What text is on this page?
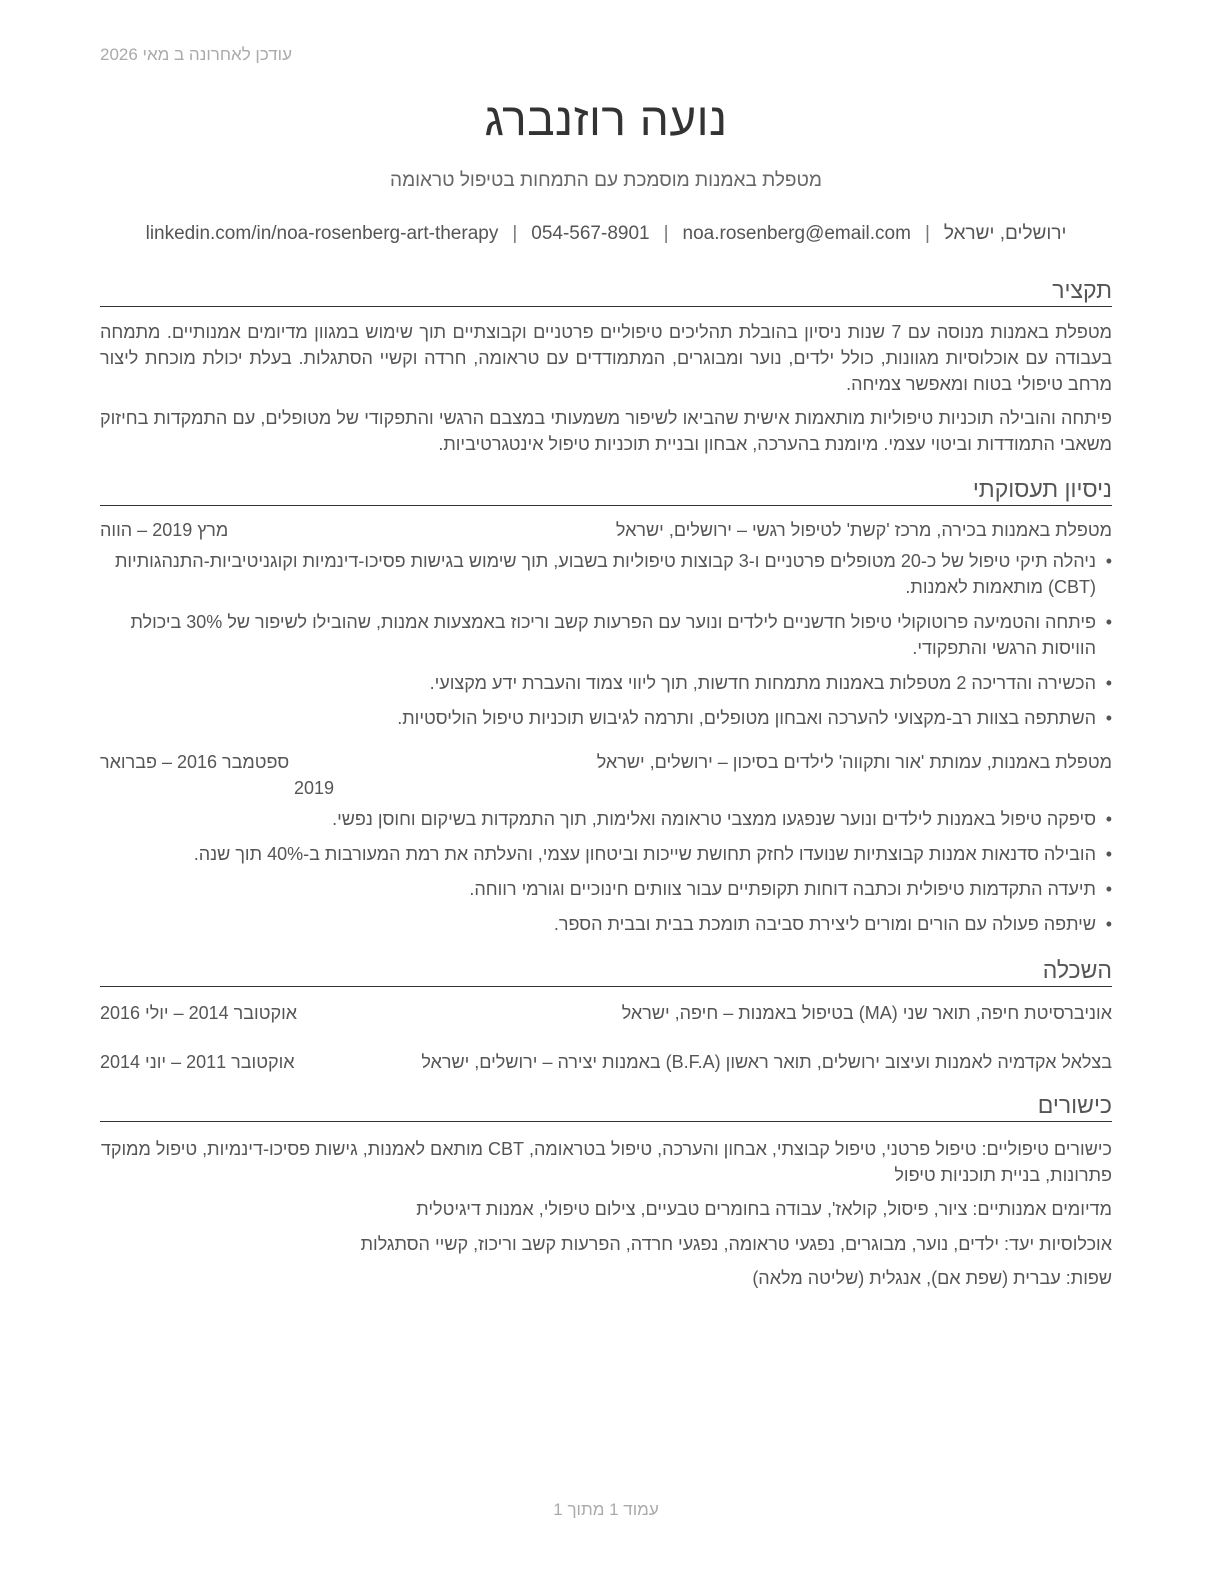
עודכן לאחרונה ב מאי 2026
נועה רוזנברג
מטפלת באמנות מוסמכת עם התמחות בטיפול טראומה
ירושלים, ישראל
|
noa.rosenberg@email.com
|
054-567-8901
|
linkedin.com/in/noa-rosenberg-art-therapy
תקציר

מטפלת באמנות מנוסה עם 7 שנות ניסיון בהובלת תהליכים טיפוליים פרטניים וקבוצתיים תוך שימוש במגוון מדיומים אמנותיים. מתמחה בעבודה עם אוכלוסיות מגוונות, כולל ילדים, נוער ומבוגרים, המתמודדים עם טראומה, חרדה וקשיי הסתגלות. בעלת יכולת מוכחת ליצור מרחב טיפולי בטוח ומאפשר צמיחה.

פיתחה והובילה תוכניות טיפוליות מותאמות אישית שהביאו לשיפור משמעותי במצבם הרגשי והתפקודי של מטופלים, עם התמקדות בחיזוק משאבי התמודדות וביטוי עצמי. מיומנת בהערכה, אבחון ובניית תוכניות טיפול אינטגרטיביות.

ניסיון תעסוקתי
מטפלת באמנות בכירה, מרכז 'קשת' לטיפול רגשי – ירושלים, ישראל
מרץ 2019 – הווה
• ניהלה תיקי טיפול של כ-20 מטופלים פרטניים ו-3 קבוצות טיפוליות בשבוע, תוך שימוש בגישות פסיכו-דינמיות וקוגניטיביות-התנהגותיות (CBT) מותאמות לאמנות.
• פיתחה והטמיעה פרוטוקולי טיפול חדשניים לילדים ונוער עם הפרעות קשב וריכוז באמצעות אמנות, שהובילו לשיפור של 30% ביכולת הוויסות הרגשי והתפקודי.
• הכשירה והדריכה 2 מטפלות באמנות מתמחות חדשות, תוך ליווי צמוד והעברת ידע מקצועי.
• השתתפה בצוות רב-מקצועי להערכה ואבחון מטופלים, ותרמה לגיבוש תוכניות טיפול הוליסטיות.
מטפלת באמנות, עמותת 'אור ותקווה' לילדים בסיכון – ירושלים, ישראל
ספטמבר 2016 – פברואר 2019
• סיפקה טיפול באמנות לילדים ונוער שנפגעו ממצבי טראומה ואלימות, תוך התמקדות בשיקום וחוסן נפשי.
• הובילה סדנאות אמנות קבוצתיות שנועדו לחזק תחושת שייכות וביטחון עצמי, והעלתה את רמת המעורבות ב-40% תוך שנה.
• תיעדה התקדמות טיפולית וכתבה דוחות תקופתיים עבור צוותים חינוכיים וגורמי רווחה.
• שיתפה פעולה עם הורים ומורים ליצירת סביבה תומכת בבית ובבית הספר.
השכלה
אוניברסיטת חיפה, תואר שני (MA) בטיפול באמנות – חיפה, ישראל
אוקטובר 2014 – יולי 2016
בצלאל אקדמיה לאמנות ועיצוב ירושלים, תואר ראשון (B.F.A) באמנות יצירה – ירושלים, ישראל
אוקטובר 2011 – יוני 2014
כישורים

כישורים טיפוליים: טיפול פרטני, טיפול קבוצתי, אבחון והערכה, טיפול בטראומה, CBT מותאם לאמנות, גישות פסיכו-דינמיות, טיפול ממוקד פתרונות, בניית תוכניות טיפול

מדיומים אמנותיים: ציור, פיסול, קולאז', עבודה בחומרים טבעיים, צילום טיפולי, אמנות דיגיטלית

אוכלוסיות יעד: ילדים, נוער, מבוגרים, נפגעי טראומה, נפגעי חרדה, הפרעות קשב וריכוז, קשיי הסתגלות

שפות: עברית (שפת אם), אנגלית (שליטה מלאה)

עמוד 1 מתוך 1
